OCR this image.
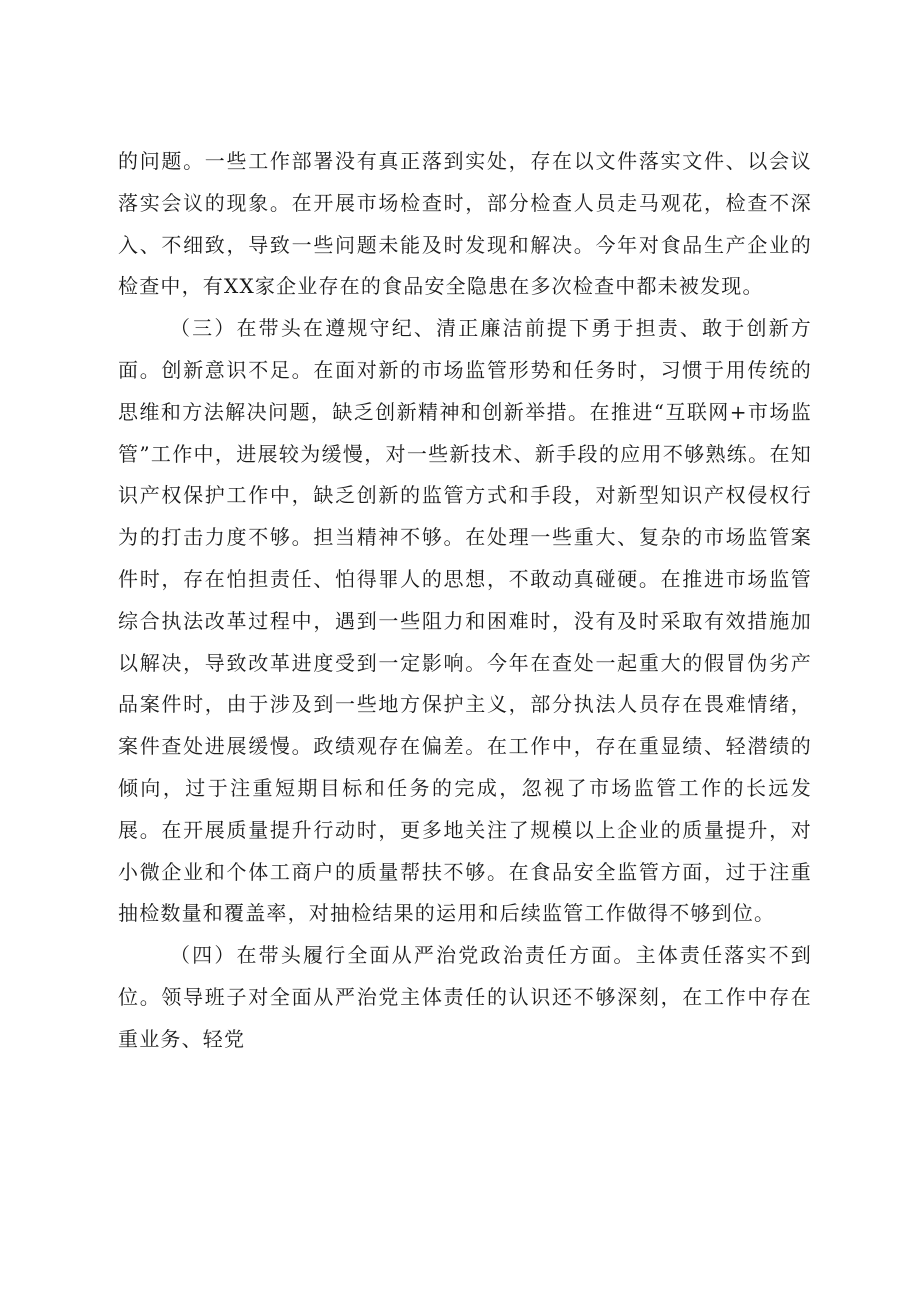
的问题。一些工作部署没有真正落到实处，存在以文件落实文件、以会议落实会议的现象。在开展市场检查时，部分检查人员走马观花，检查不深入、不细致，导致一些问题未能及时发现和解决。今年对食品生产企业的检查中，有XX家企业存在的食品安全隐患在多次检查中都未被发现。

（三）在带头在遵规守纪、清正廉洁前提下勇于担责、敢于创新方面。创新意识不足。在面对新的市场监管形势和任务时，习惯于用传统的思维和方法解决问题，缺乏创新精神和创新举措。在推进“互联网+市场监管”工作中，进展较为缓慢，对一些新技术、新手段的应用不够熟练。在知识产权保护工作中，缺乏创新的监管方式和手段，对新型知识产权侵权行为的打击力度不够。担当精神不够。在处理一些重大、复杂的市场监管案件时，存在怕担责任、怕得罪人的思想，不敢动真碰硬。在推进市场监管综合执法改革过程中，遇到一些阻力和困难时，没有及时采取有效措施加以解决，导致改革进度受到一定影响。今年在查处一起重大的假冒伪劣产品案件时，由于涉及到一些地方保护主义，部分执法人员存在畏难情绪，案件查处进展缓慢。政绩观存在偏差。在工作中，存在重显绩、轻潜绩的倾向，过于注重短期目标和任务的完成，忽视了市场监管工作的长远发展。在开展质量提升行动时，更多地关注了规模以上企业的质量提升，对小微企业和个体工商户的质量帮扶不够。在食品安全监管方面，过于注重抽检数量和覆盖率，对抽检结果的运用和后续监管工作做得不够到位。

（四）在带头履行全面从严治党政治责任方面。主体责任落实不到位。领导班子对全面从严治党主体责任的认识还不够深刻，在工作中存在重业务、轻党
